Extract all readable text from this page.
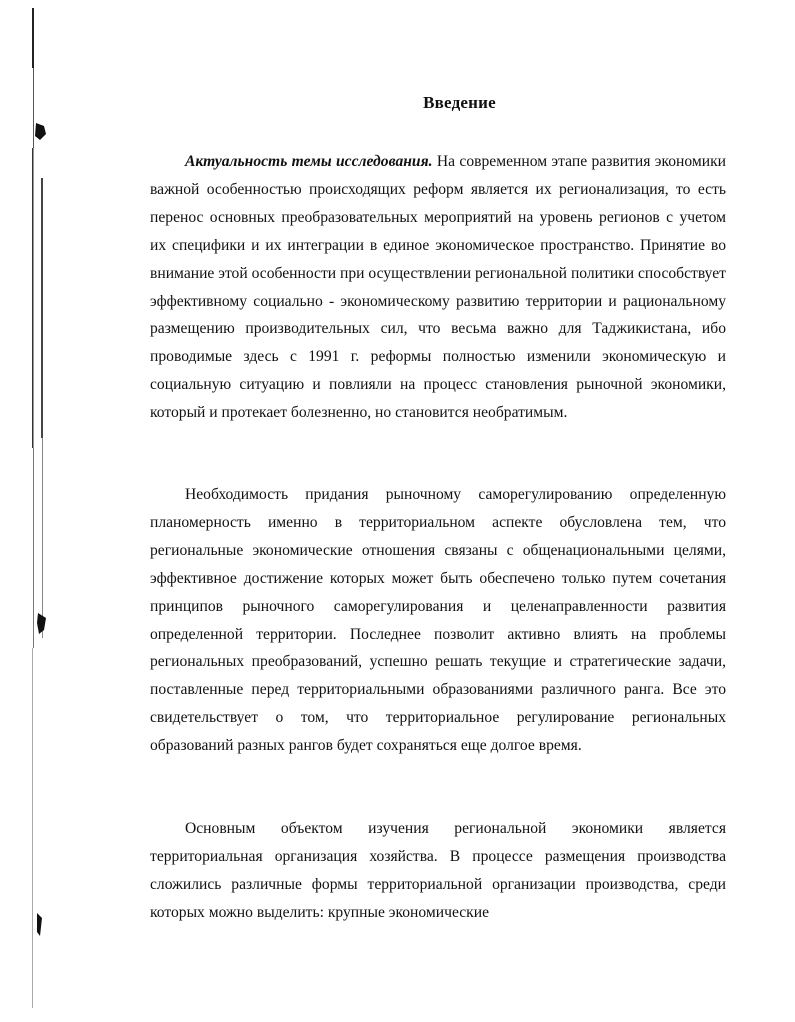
Введение

Актуальность темы исследования. На современном этапе развития экономики важной особенностью происходящих реформ является их регионализация, то есть перенос основных преобразовательных мероприятий на уровень регионов с учетом их специфики и их интеграции в единое экономическое пространство. Принятие во внимание этой особенности при осуществлении региональной политики способствует эффективному социально - экономическому развитию территории и рациональному размещению производительных сил, что весьма важно для Таджикистана, ибо проводимые здесь с 1991 г. реформы полностью изменили экономическую и социальную ситуацию и повлияли на процесс становления рыночной экономики, который и протекает болезненно, но становится необратимым.

Необходимость придания рыночному саморегулированию определенную планомерность именно в территориальном аспекте обусловлена тем, что региональные экономические отношения связаны с общенациональными целями, эффективное достижение которых может быть обеспечено только путем сочетания принципов рыночного саморегулирования и целенаправленности развития определенной территории. Последнее позволит активно влиять на проблемы региональных преобразований, успешно решать текущие и стратегические задачи, поставленные перед территориальными образованиями различного ранга. Все это свидетельствует о том, что территориальное регулирование региональных образований разных рангов будет сохраняться еще долгое время.

Основным объектом изучения региональной экономики является территориальная организация хозяйства. В процессе размещения производства сложились различные формы территориальной организации производства, среди которых можно выделить: крупные экономические
